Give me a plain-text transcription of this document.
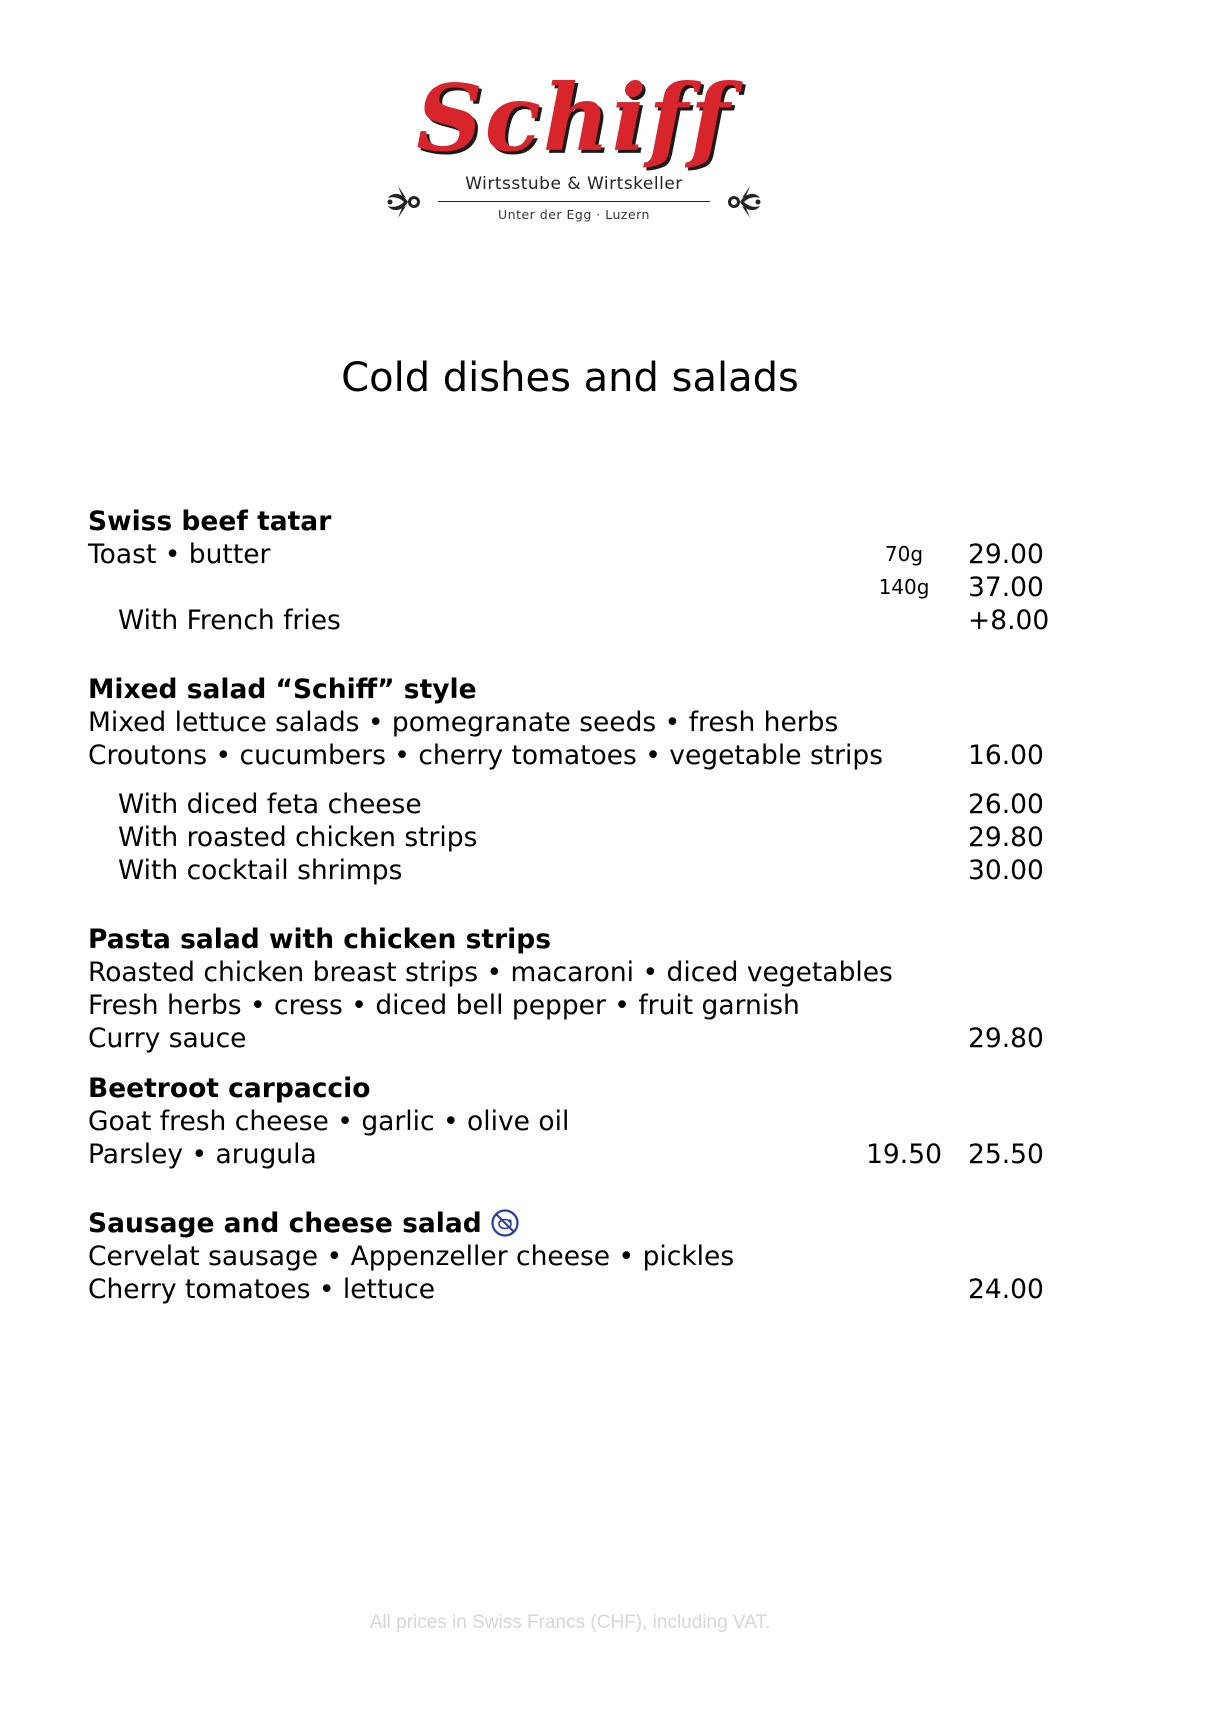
Schiff
Wirtsstube & Wirtskeller
Unter der Egg · Luzern
Cold dishes and salads
Swiss beef tatar
Toast • butter	70g	29.00
140g	37.00
With French fries	+8.00
Mixed salad “Schiff” style
Mixed lettuce salads • pomegranate seeds • fresh herbs
Croutons • cucumbers • cherry tomatoes • vegetable strips	16.00
With diced feta cheese	26.00
With roasted chicken strips	29.80
With cocktail shrimps	30.00
Pasta salad with chicken strips
Roasted chicken breast strips • macaroni • diced vegetables
Fresh herbs • cress • diced bell pepper • fruit garnish
Curry sauce	29.80
Beetroot carpaccio
Goat fresh cheese • garlic • olive oil
Parsley • arugula	19.50 25.50
Sausage and cheese salad
Cervelat sausage • Appenzeller cheese • pickles
Cherry tomatoes • lettuce	24.00
All prices in Swiss Francs (CHF), including VAT.
